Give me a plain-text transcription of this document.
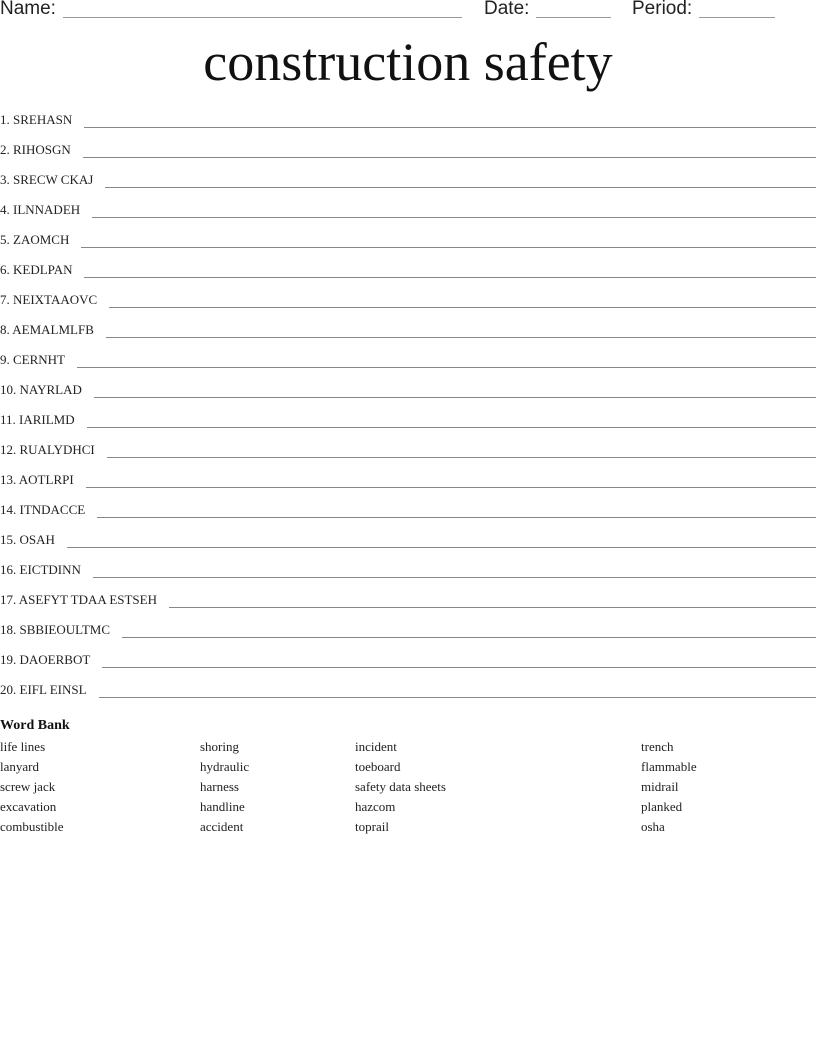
Name:	Date:	Period:
construction safety
1. SREHASN
2. RIHOSGN
3. SRECW CKAJ
4. ILNNADEH
5. ZAOMCH
6. KEDLPAN
7. NEIXTAAOVC
8. AEMALMLFB
9. CERNHT
10. NAYRLAD
11. IARILMD
12. RUALYDHCI
13. AOTLRPI
14. ITNDACCE
15. OSAH
16. EICTDINN
17. ASEFYT TDAA ESTSEH
18. SBBIEOULTMC
19. DAOERBOT
20. EIFL EINSL
Word Bank
life lines
lanyard
screw jack
excavation
combustible
shoring
hydraulic
harness
handline
accident
incident
toeboard
safety data sheets
hazcom
toprail
trench
flammable
midrail
planked
osha
